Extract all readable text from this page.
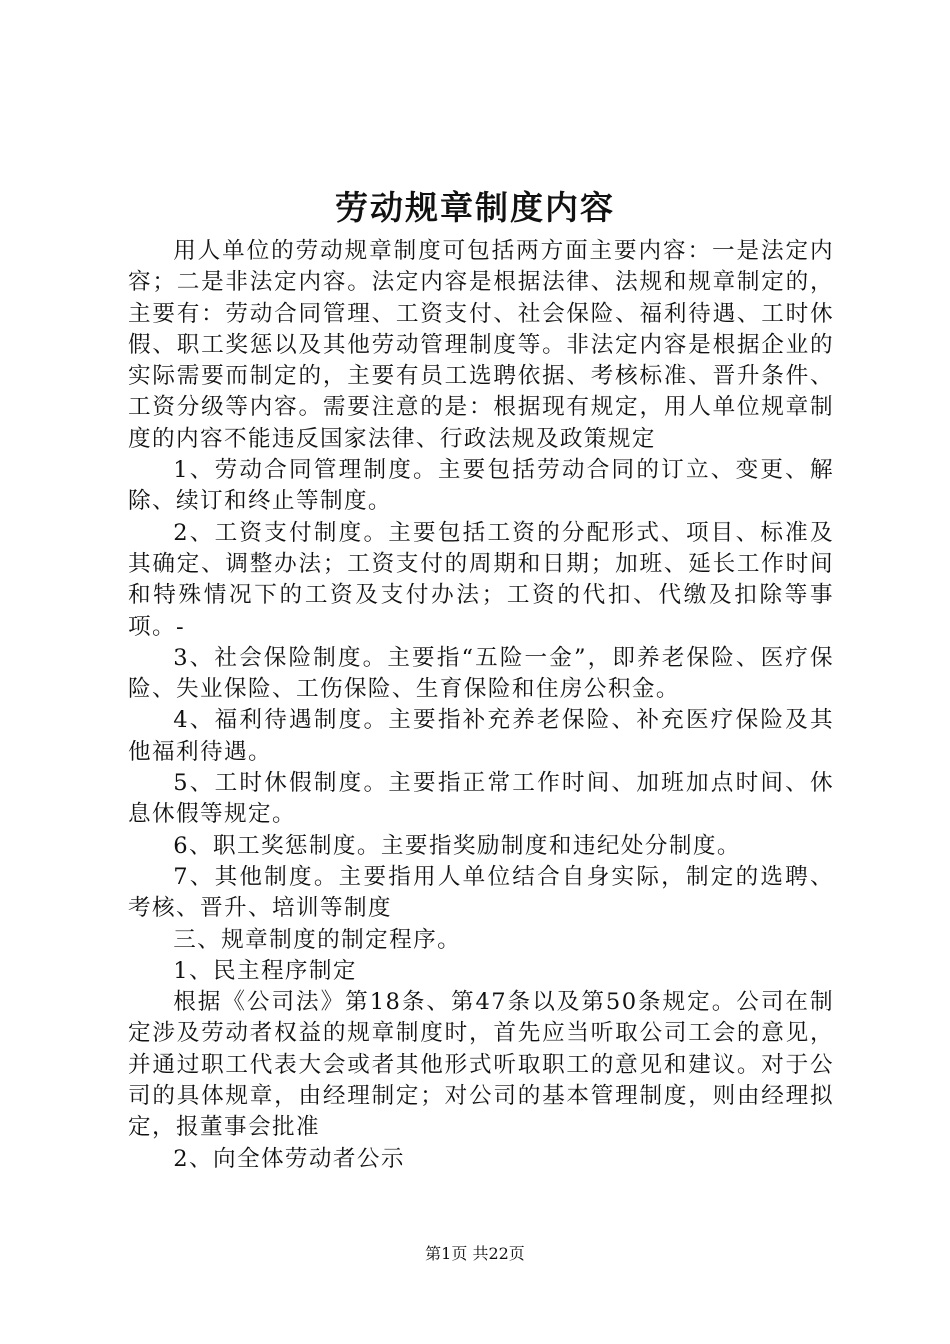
劳动规章制度内容

用人单位的劳动规章制度可包括两方面主要内容：一是法定内容；二是非法定内容。法定内容是根据法律、法规和规章制定的，主要有：劳动合同管理、工资支付、社会保险、福利待遇、工时休假、职工奖惩以及其他劳动管理制度等。非法定内容是根据企业的实际需要而制定的，主要有员工选聘依据、考核标准、晋升条件、工资分级等内容。需要注意的是：根据现有规定，用人单位规章制度的内容不能违反国家法律、行政法规及政策规定

1、劳动合同管理制度。主要包括劳动合同的订立、变更、解除、续订和终止等制度。

2、工资支付制度。主要包括工资的分配形式、项目、标准及其确定、调整办法；工资支付的周期和日期；加班、延长工作时间和特殊情况下的工资及支付办法；工资的代扣、代缴及扣除等事项。-

3、社会保险制度。主要指“五险一金”，即养老保险、医疗保险、失业保险、工伤保险、生育保险和住房公积金。

4、福利待遇制度。主要指补充养老保险、补充医疗保险及其他福利待遇。

5、工时休假制度。主要指正常工作时间、加班加点时间、休息休假等规定。

6、职工奖惩制度。主要指奖励制度和违纪处分制度。

7、其他制度。主要指用人单位结合自身实际，制定的选聘、考核、晋升、培训等制度

三、规章制度的制定程序。

1、民主程序制定

根据《公司法》第18条、第47条以及第50条规定。公司在制定涉及劳动者权益的规章制度时，首先应当听取公司工会的意见，并通过职工代表大会或者其他形式听取职工的意见和建议。对于公司的具体规章，由经理制定；对公司的基本管理制度，则由经理拟定，报董事会批准

2、向全体劳动者公示

第1页 共22页
